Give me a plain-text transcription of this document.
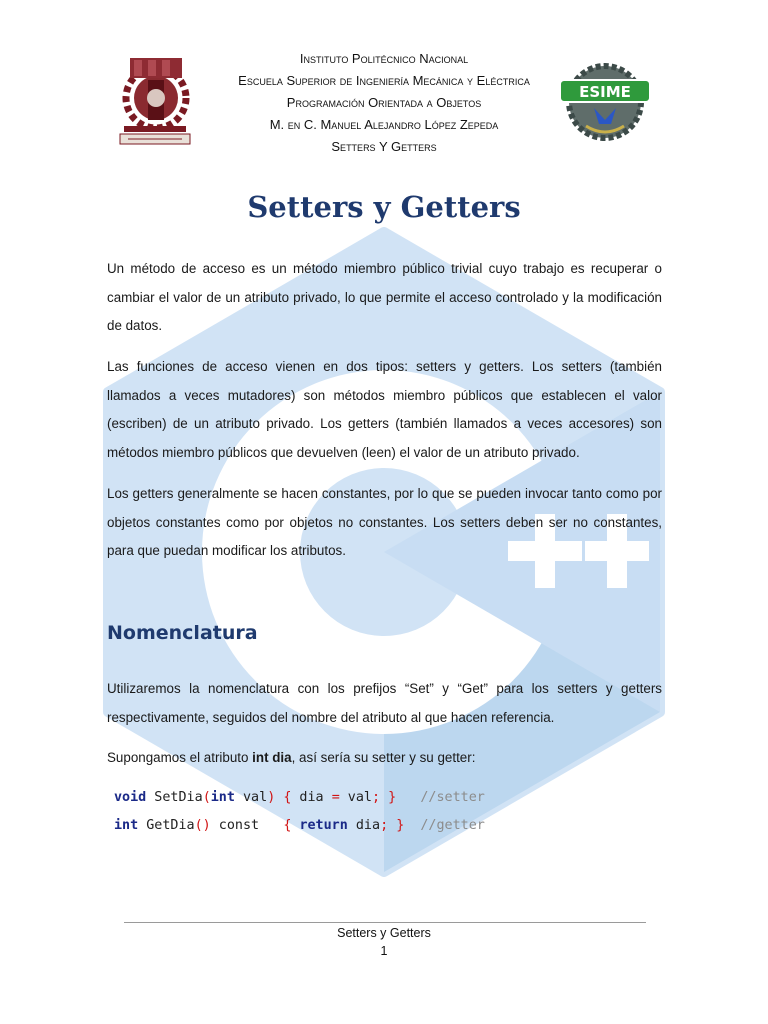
Instituto Politécnico Nacional
Escuela Superior de Ingeniería Mecánica y Eléctrica
Programación Orientada a Objetos
M. en C. Manuel Alejandro López Zepeda
Setters Y Getters
ESIME
Setters y Getters
Un método de acceso es un método miembro público trivial cuyo trabajo es recuperar o cambiar el valor de un atributo privado, lo que permite el acceso controlado y la modificación de datos.
Las funciones de acceso vienen en dos tipos: setters y getters. Los setters (también llamados a veces mutadores) son métodos miembro públicos que establecen el valor (escriben) de un atributo privado. Los getters (también llamados a veces accesores) son métodos miembro públicos que devuelven (leen) el valor de un atributo privado.
Los getters generalmente se hacen constantes, por lo que se pueden invocar tanto como por objetos constantes como por objetos no constantes. Los setters deben ser no constantes, para que puedan modificar los atributos.
Nomenclatura
Utilizaremos la nomenclatura con los prefijos “Set” y “Get” para los setters y getters respectivamente, seguidos del nombre del atributo al que hacen referencia.
Supongamos el atributo int dia, así sería su setter y su getter:
void SetDia(int val) { dia = val; } //setter
int GetDia() const   { return dia; } //getter
Setters y Getters
1
